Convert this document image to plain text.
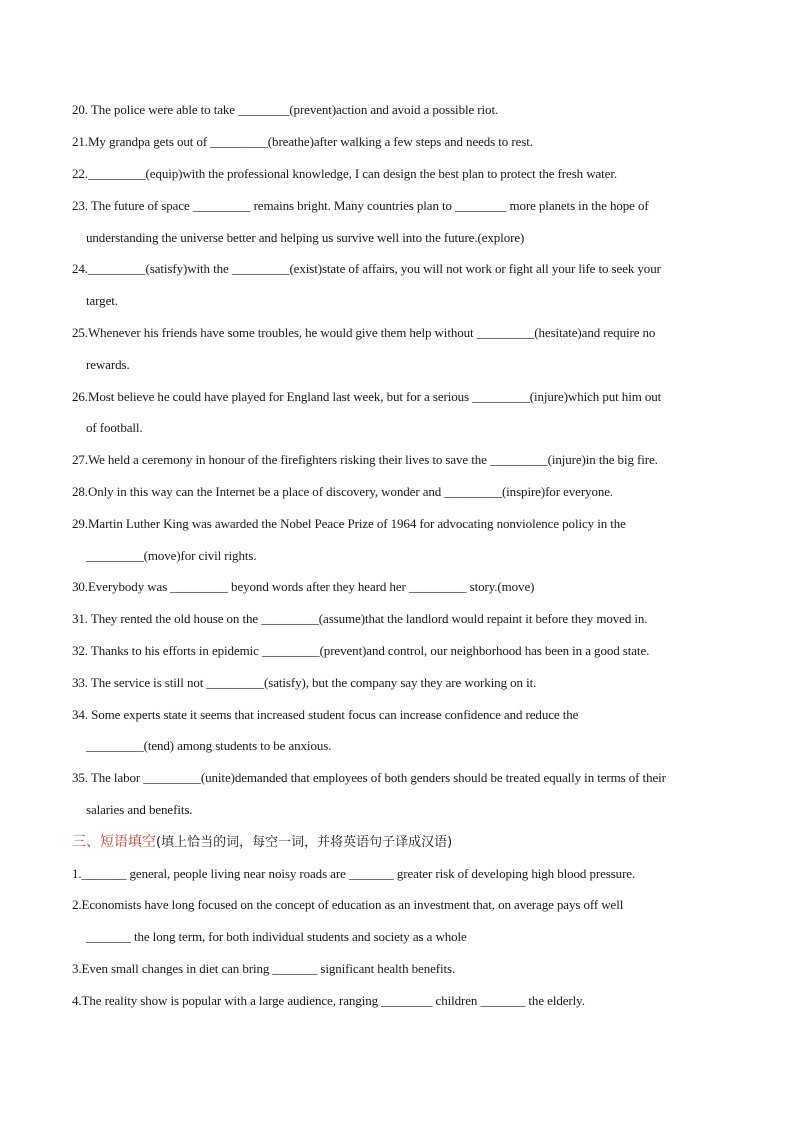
20. The police were able to take ________(prevent)action and avoid a possible riot.
21.My grandpa gets out of _________(breathe)after walking a few steps and needs to rest.
22._________(equip)with the professional knowledge, I can design the best plan to protect the fresh water.
23. The future of space _________ remains bright. Many countries plan to ________ more planets in the hope of
understanding the universe better and helping us survive well into the future.(explore)
24._________(satisfy)with the _________(exist)state of affairs, you will not work or fight all your life to seek your
target.
25.Whenever his friends have some troubles, he would give them help without _________(hesitate)and require no
rewards.
26.Most believe he could have played for England last week, but for a serious _________(injure)which put him out
of football.
27.We held a ceremony in honour of the firefighters risking their lives to save the _________(injure)in the big fire.
28.Only in this way can the Internet be a place of discovery, wonder and _________(inspire)for everyone.
29.Martin Luther King was awarded the Nobel Peace Prize of 1964 for advocating nonviolence policy in the
_________(move)for civil rights.
30.Everybody was _________ beyond words after they heard her _________ story.(move)
31. They rented the old house on the _________(assume)that the landlord would repaint it before they moved in.
32. Thanks to his efforts in epidemic _________(prevent)and control, our neighborhood has been in a good state.
33. The service is still not _________(satisfy), but the company say they are working on it.
34. Some experts state it seems that increased student focus can increase confidence and reduce the
_________(tend) among students to be anxious.
35. The labor _________(unite)demanded that employees of both genders should be treated equally in terms of their
salaries and benefits.
三、短语填空(填上恰当的词，每空一词，并将英语句子译成汉语)
1._______ general, people living near noisy roads are _______ greater risk of developing high blood pressure.
2.Economists have long focused on the concept of education as an investment that, on average pays off well
_______ the long term, for both individual students and society as a whole
3.Even small changes in diet can bring _______ significant health benefits.
4.The reality show is popular with a large audience, ranging ________ children _______ the elderly.
